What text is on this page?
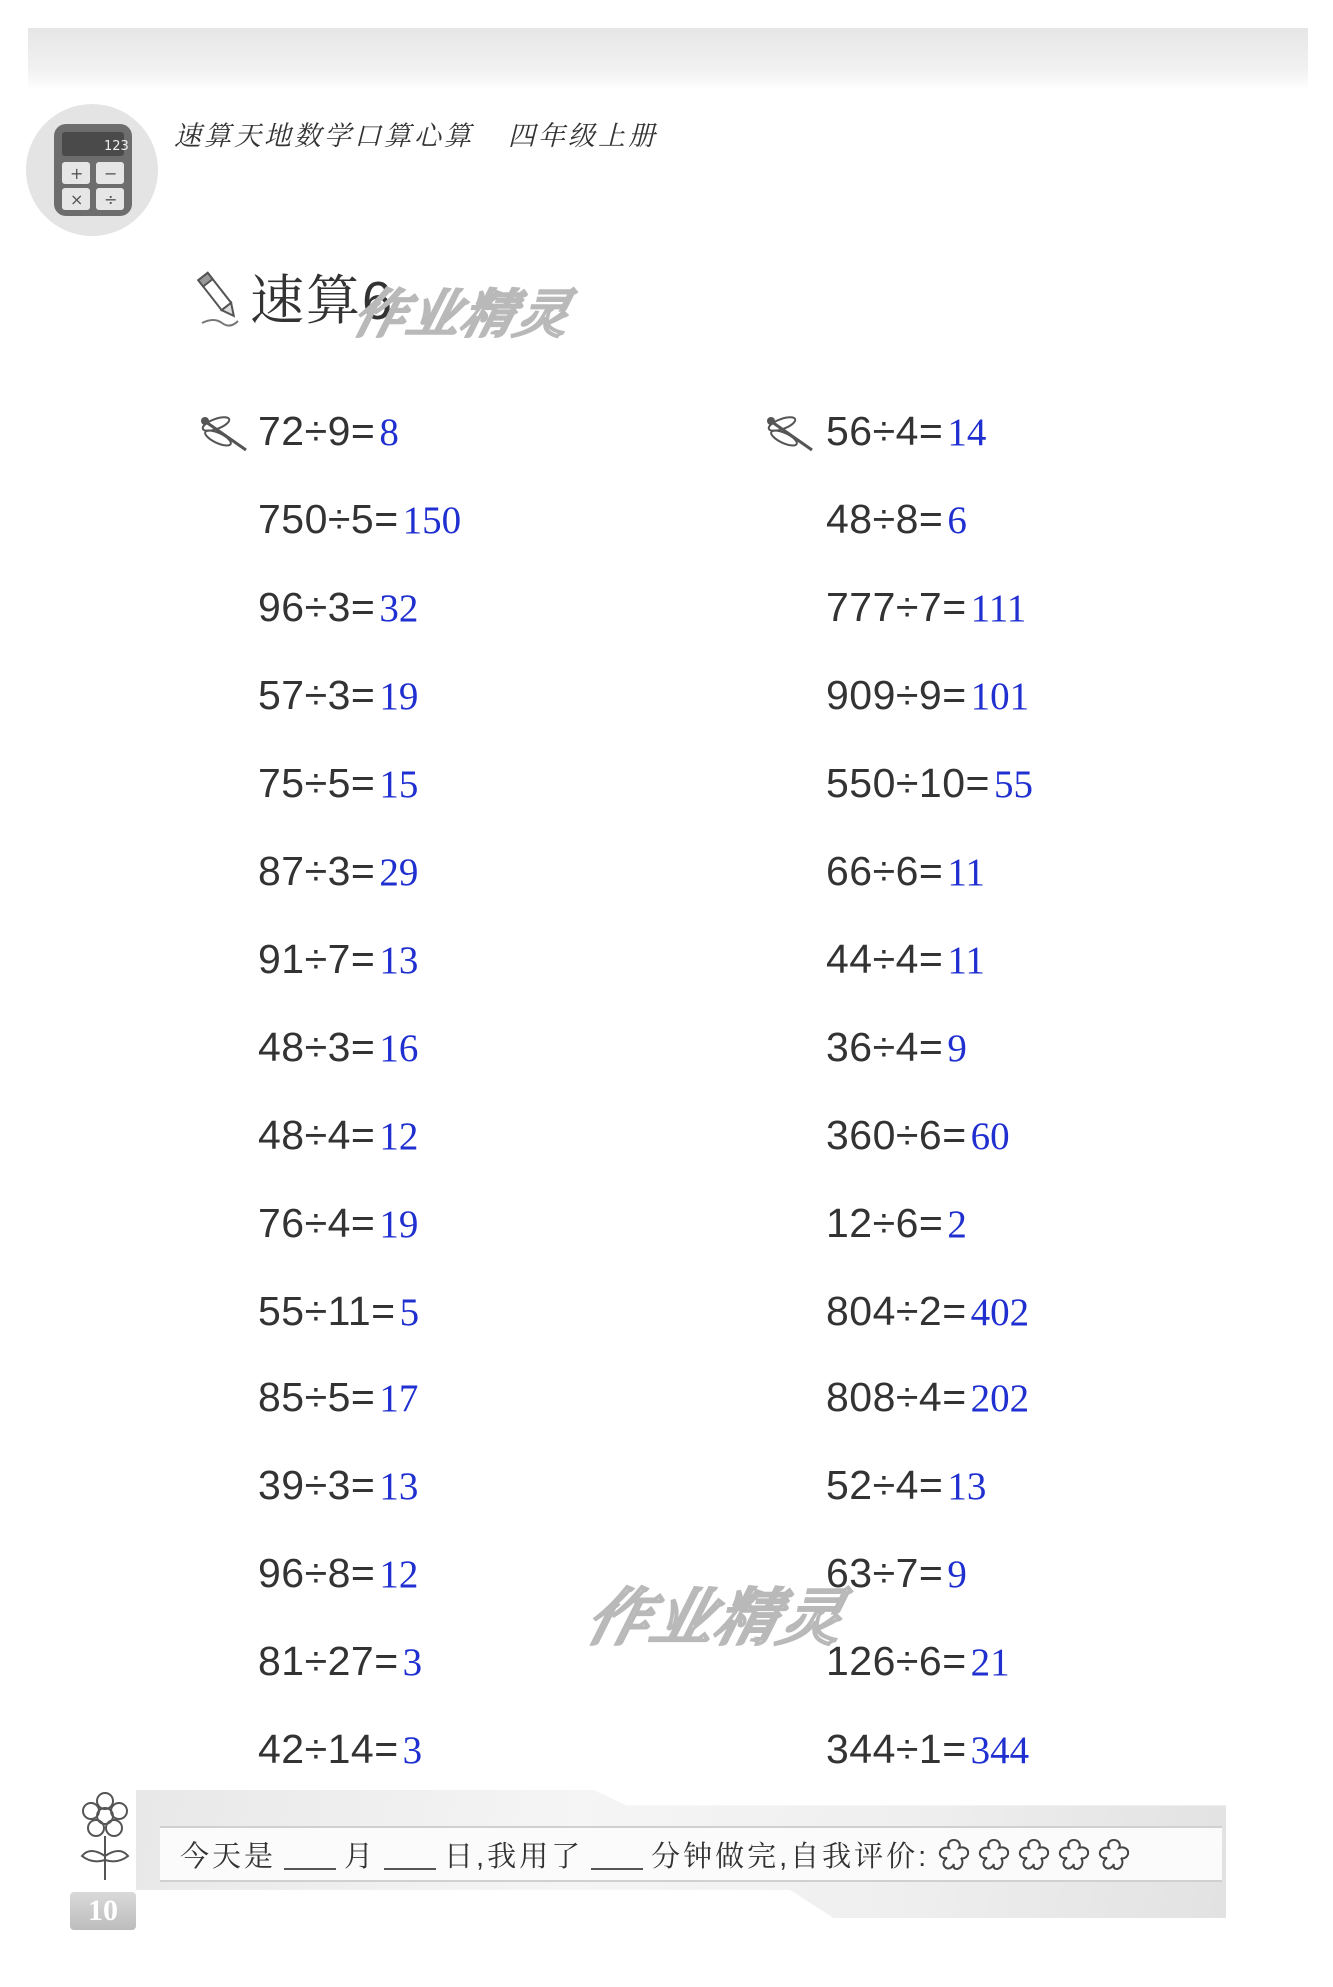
123
+ −
× ÷
速算天地数学口算心算 四年级上册
速算6
作业精灵
作业精灵
72÷9= 8
750÷5= 150
96÷3= 32
57÷3= 19
75÷5= 15
87÷3= 29
91÷7= 13
48÷3= 16
48÷4= 12
76÷4= 19
55÷11= 5
85÷5= 17
39÷3= 13
96÷8= 12
81÷27= 3
42÷14= 3
56÷4= 14
48÷8= 6
777÷7= 111
909÷9= 101
550÷10= 55
66÷6= 11
44÷4= 11
36÷4= 9
360÷6= 60
12÷6= 2
804÷2= 402
808÷4= 202
52÷4= 13
63÷7= 9
126÷6= 21
344÷1= 344
今天是 月 日,我用了 分钟做完,自我评价:
10
